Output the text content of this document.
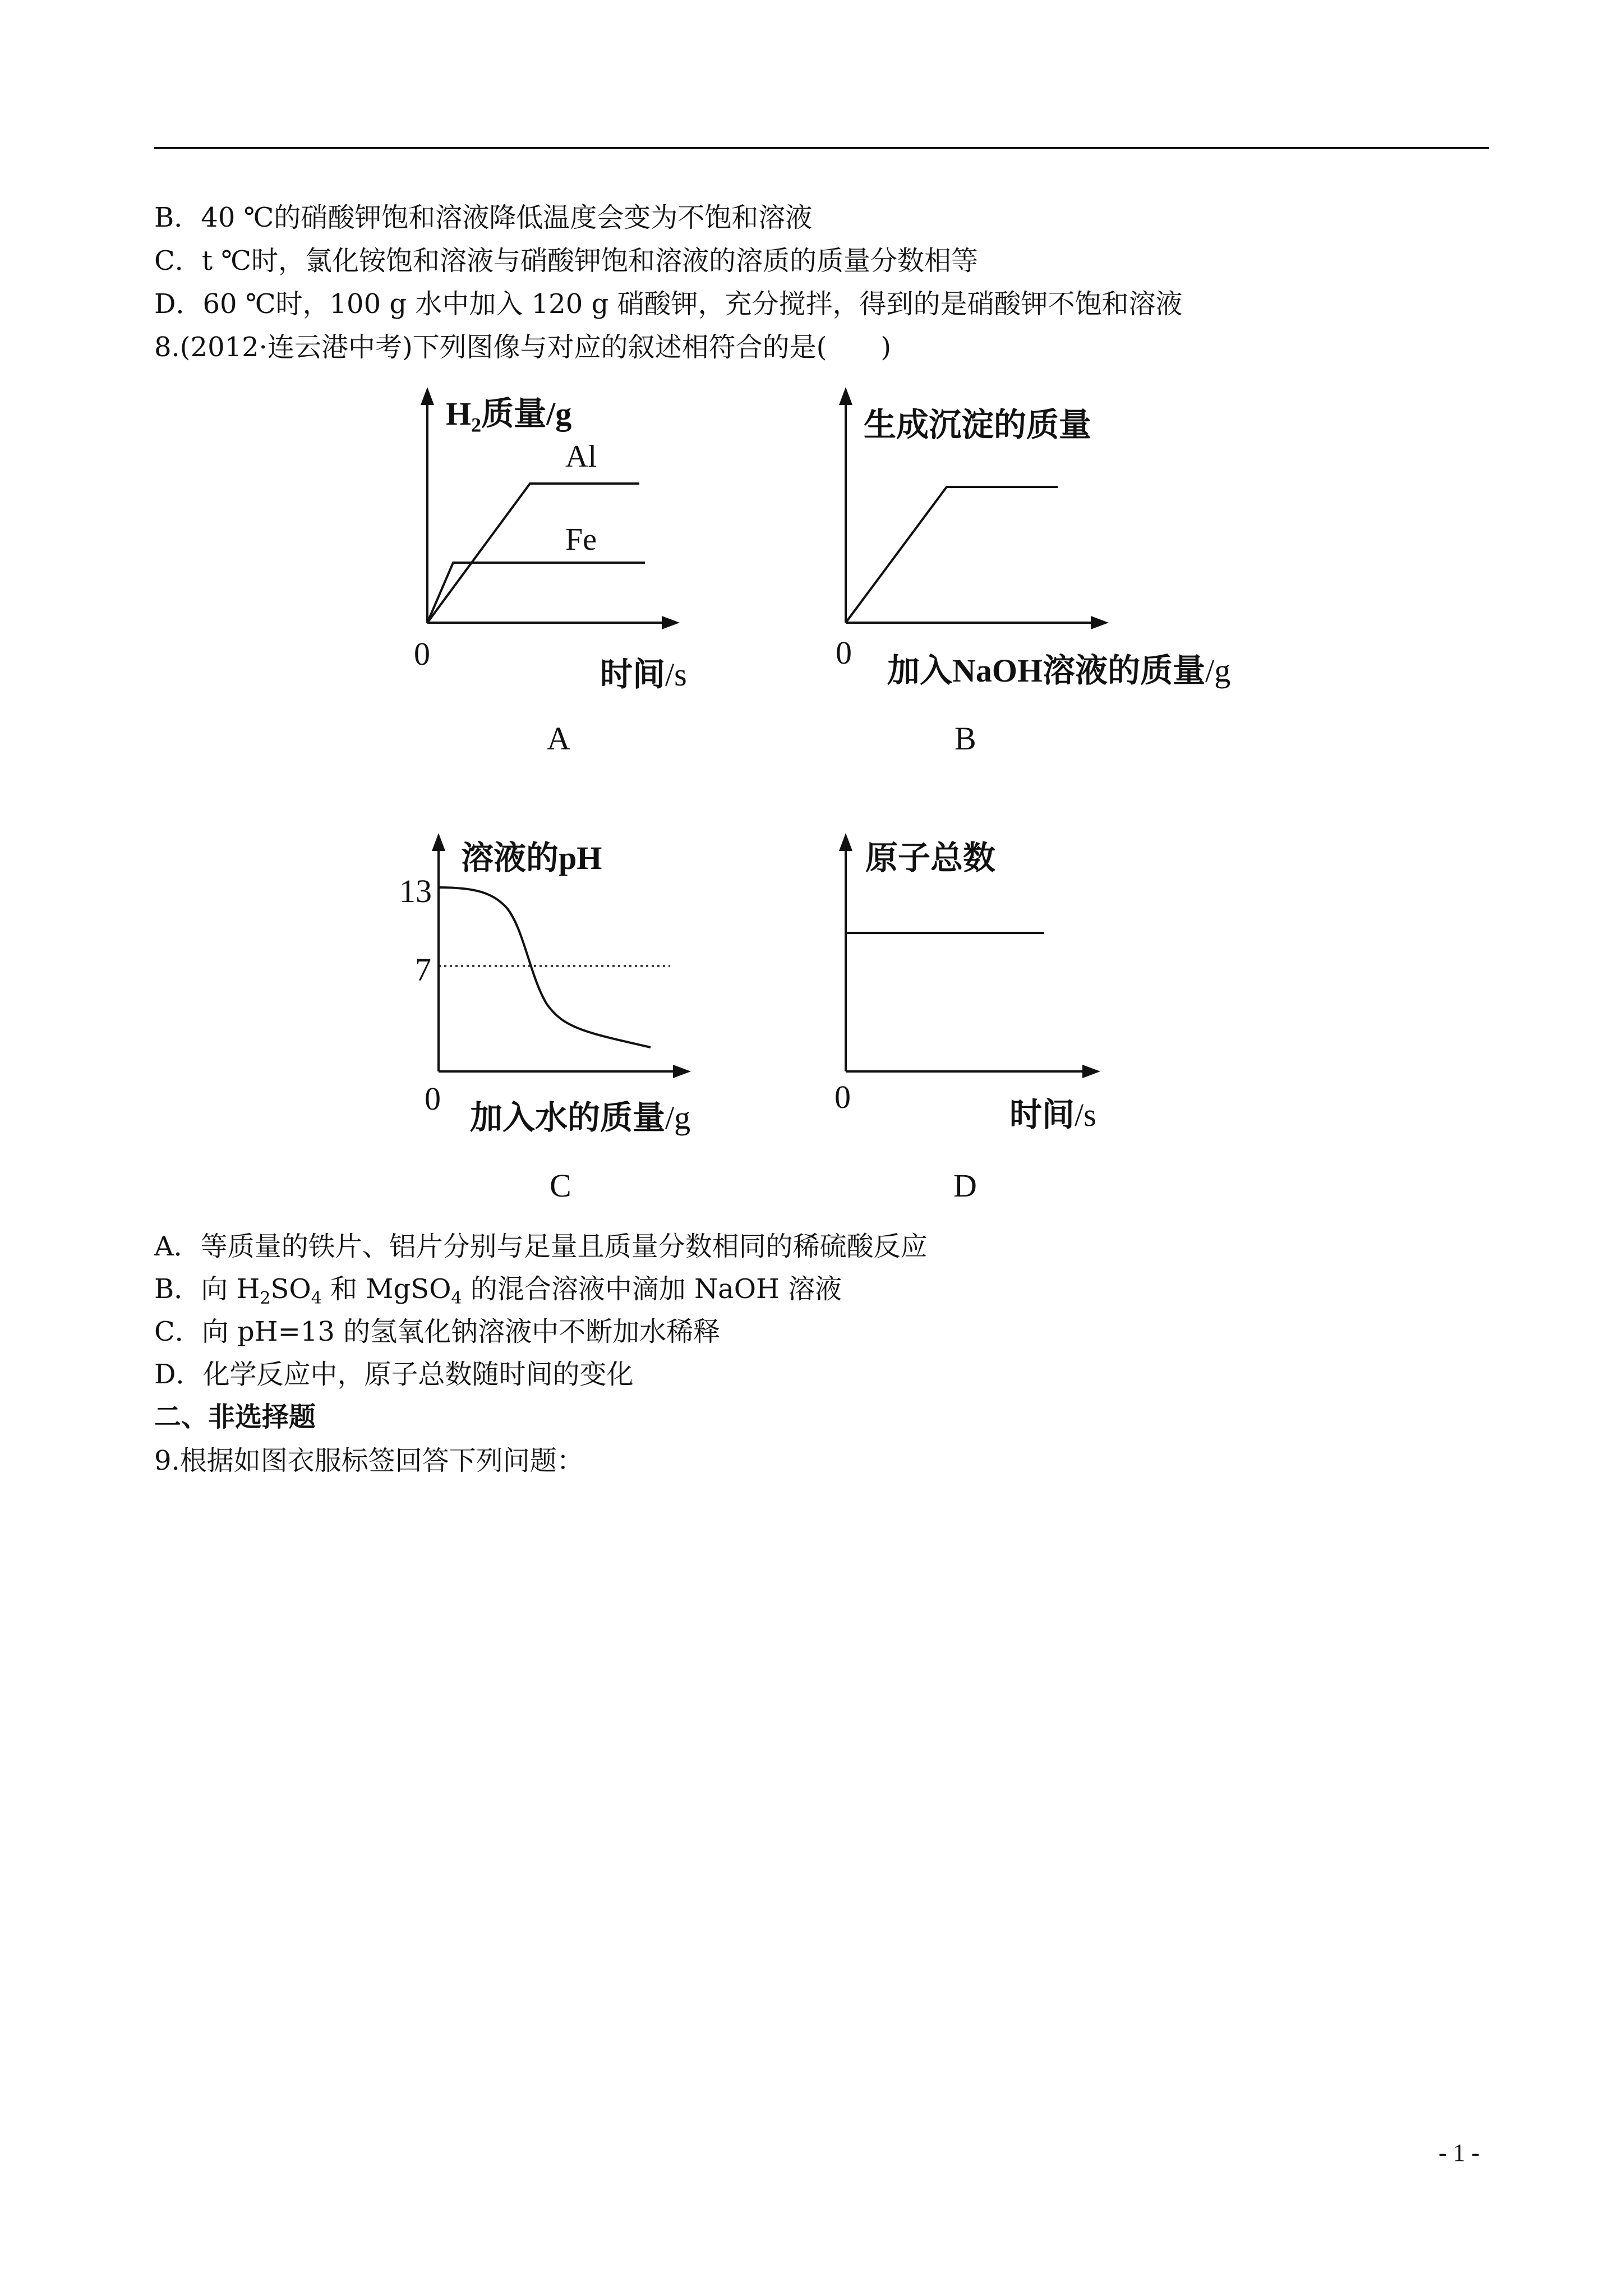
B．40 ℃的硝酸钾饱和溶液降低温度会变为不饱和溶液
C．t ℃时，氯化铵饱和溶液与硝酸钾饱和溶液的溶质的质量分数相等
D．60 ℃时，100 g 水中加入 120 g 硝酸钾，充分搅拌，得到的是硝酸钾不饱和溶液
8.(2012·连云港中考)下列图像与对应的叙述相符合的是(　　)
$H_2$质量/g
Al
Fe
0
时间/s
A
生成沉淀的质量
0 加入NaOH溶液的质量/g
B
溶液的pH
13
7
0
加入水的质量/g
C
原子总数
0	时间/s
D
A．等质量的铁片、铝片分别与足量且质量分数相同的稀硫酸反应
B．向 $H_2SO_4$ 和 MgSO$_4$ 的混合溶液中滴加 NaOH 溶液
C．向 pH=13 的氢氧化钠溶液中不断加水稀释
D．化学反应中，原子总数随时间的变化
二、非选择题
9.根据如图衣服标签回答下列问题：
- 1 -
